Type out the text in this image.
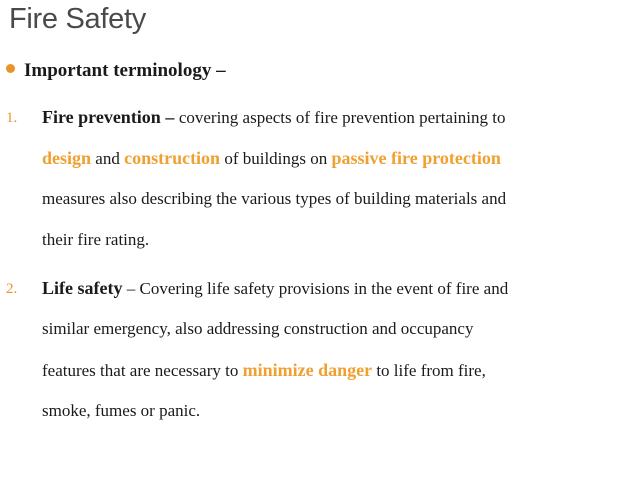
Fire Safety
Important terminology –
1. Fire prevention – covering aspects of fire prevention pertaining to
design and construction of buildings on passive fire protection
measures also describing the various types of building materials and
their fire rating.
2. Life safety – Covering life safety provisions in the event of fire and
similar emergency, also addressing construction and occupancy
features that are necessary to minimize danger to life from fire,
smoke, fumes or panic.
